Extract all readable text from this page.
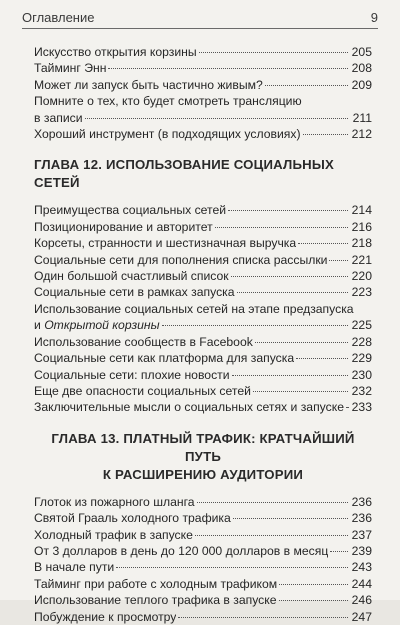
Оглавление	9
Искусство открытия корзины	205
Тайминг Энн	208
Может ли запуск быть частично живым?	209
Помните о тех, кто будет смотреть трансляцию
в записи	211
Хороший инструмент (в подходящих условиях)	212
ГЛАВА 12. ИСПОЛЬЗОВАНИЕ СОЦИАЛЬНЫХ СЕТЕЙ
Преимущества социальных сетей	214
Позиционирование и авторитет	216
Корсеты, странности и шестизначная выручка	218
Социальные сети для пополнения списка рассылки 221
Один большой счастливый список	220
Социальные сети в рамках запуска	223
Использование социальных сетей на этапе предзапуска
и Открытой корзины	225
Использование сообществ в Facebook	228
Социальные сети как платформа для запуска	229
Социальные сети: плохие новости	230
Еще две опасности социальных сетей	232
Заключительные мысли о социальных сетях и запуске 233
ГЛАВА 13. ПЛАТНЫЙ ТРАФИК: КРАТЧАЙШИЙ ПУТЬ
К РАСШИРЕНИЮ АУДИТОРИИ
Глоток из пожарного шланга	236
Святой Грааль холодного трафика	236
Холодный трафик в запуске	237
От 3 долларов в день до 120 000 долларов в месяц 239
В начале пути	243
Тайминг при работе с холодным трафиком	244
Использование теплого трафика в запуске	246
Побуждение к просмотру	247
